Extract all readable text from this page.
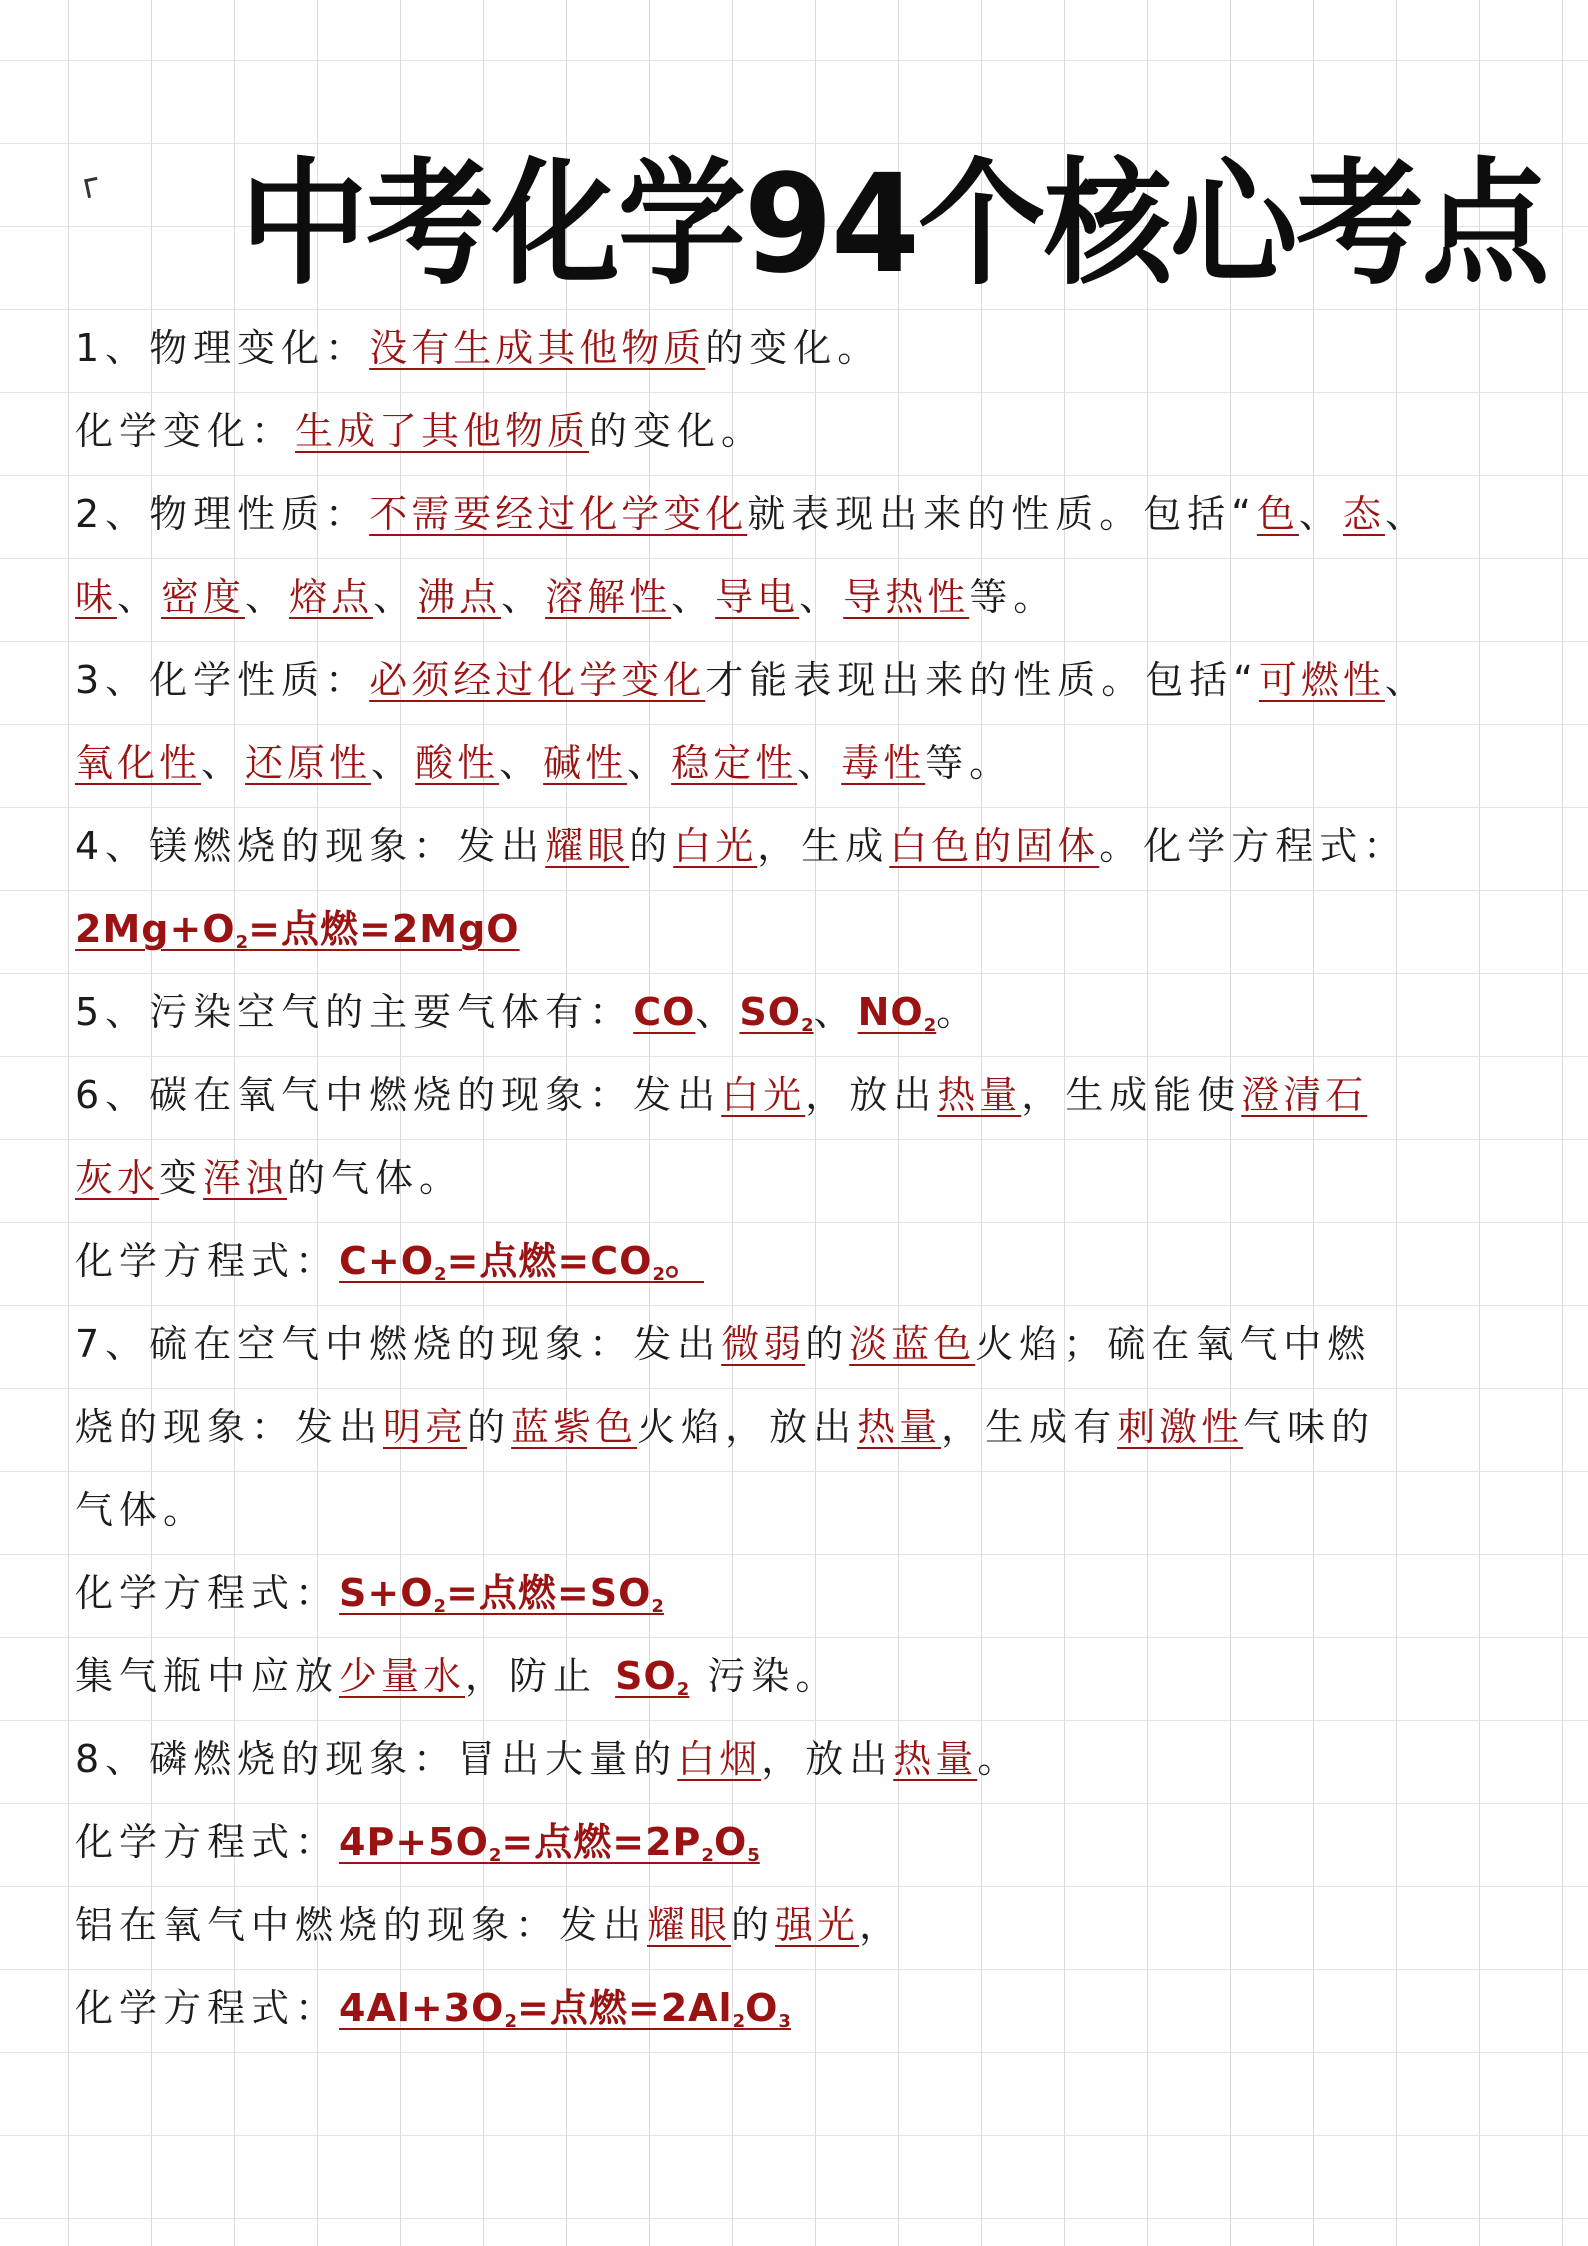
中考化学94个核心考点
1、物理变化：没有生成其他物质的变化。
化学变化：生成了其他物质的变化。
2、物理性质：不需要经过化学变化就表现出来的性质。包括“色、态、
味、密度、熔点、沸点、溶解性、导电、导热性等。
3、化学性质：必须经过化学变化才能表现出来的性质。包括“可燃性、
氧化性、还原性、酸性、碱性、稳定性、毒性等。
4、镁燃烧的现象：发出耀眼的白光，生成白色的固体。化学方程式：
$2Mg+O_2=$点燃=2MgO
5、污染空气的主要气体有：CO、$SO_2$、$NO_2$。
6、碳在氧气中燃烧的现象：发出白光，放出热量，生成能使澄清石
灰水变浑浊的气体。
化学方程式：$C+O_2=$点燃$=CO_2$。
7、硫在空气中燃烧的现象：发出微弱的淡蓝色火焰；硫在氧气中燃
烧的现象：发出明亮的蓝紫色火焰，放出热量，生成有刺激性气味的
气体。
化学方程式：$S+O_2=$点燃$=SO_2$
集气瓶中应放少量水，防止 $SO_2$ 污染。
8、磷燃烧的现象：冒出大量的白烟，放出热量。
化学方程式：$4P+5O_2=$点燃$=2P_2O_5$
铝在氧气中燃烧的现象：发出耀眼的强光，
化学方程式：$4Al+3O_2=$点燃$=2Al_2O_3$
